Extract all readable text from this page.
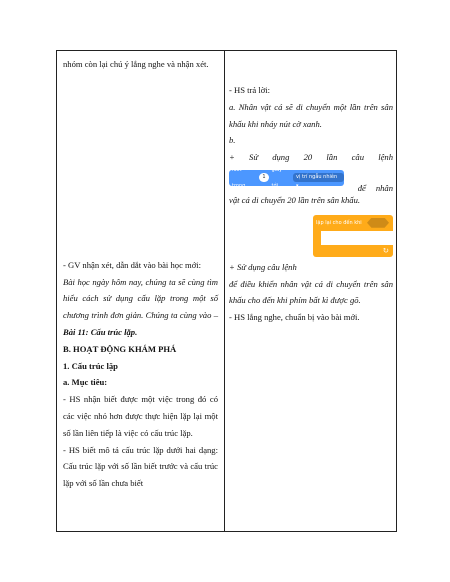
nhóm còn lại chú ý lắng nghe và nhận xét.

- GV nhận xét, dẫn dắt vào bài học mới:

Bài học ngày hôm nay, chúng ta sẽ cùng tìm hiểu cách sử dụng cấu lặp trong một số chương trình đơn giản. Chúng ta cùng vào – Bài 11: Cấu trúc lặp.

B. HOẠT ĐỘNG KHÁM PHÁ

1. Cấu trúc lặp

a. Mục tiêu:

- HS nhận biết được một việc trong đó có các việc nhỏ hơn được thực hiện lặp lại một số lần liên tiếp là việc có cấu trúc lặp.

- HS biết mô tả cấu trúc lặp dưới hai dạng: Cấu trúc lặp với số lần biết trước và cấu trúc lặp với số lần chưa biết

- HS trả lời:

a. Nhân vật cá sẽ di chuyển một lần trên sân khấu khi nháy nút cờ xanh.

b.

+ Sử dụng 20 lần câu lệnh
lướt trong
1
giây tới
vị trí ngẫu nhiên ▾	để nhân

vật cá di chuyển 20 lần trên sân khấu.

lặp lại cho đến khi
↻

+ Sử dụng câu lệnh

để điều khiển nhân vật cá di chuyển trên sân khấu cho đến khi phím bất kì được gõ.

- HS lắng nghe, chuẩn bị vào bài mới.
